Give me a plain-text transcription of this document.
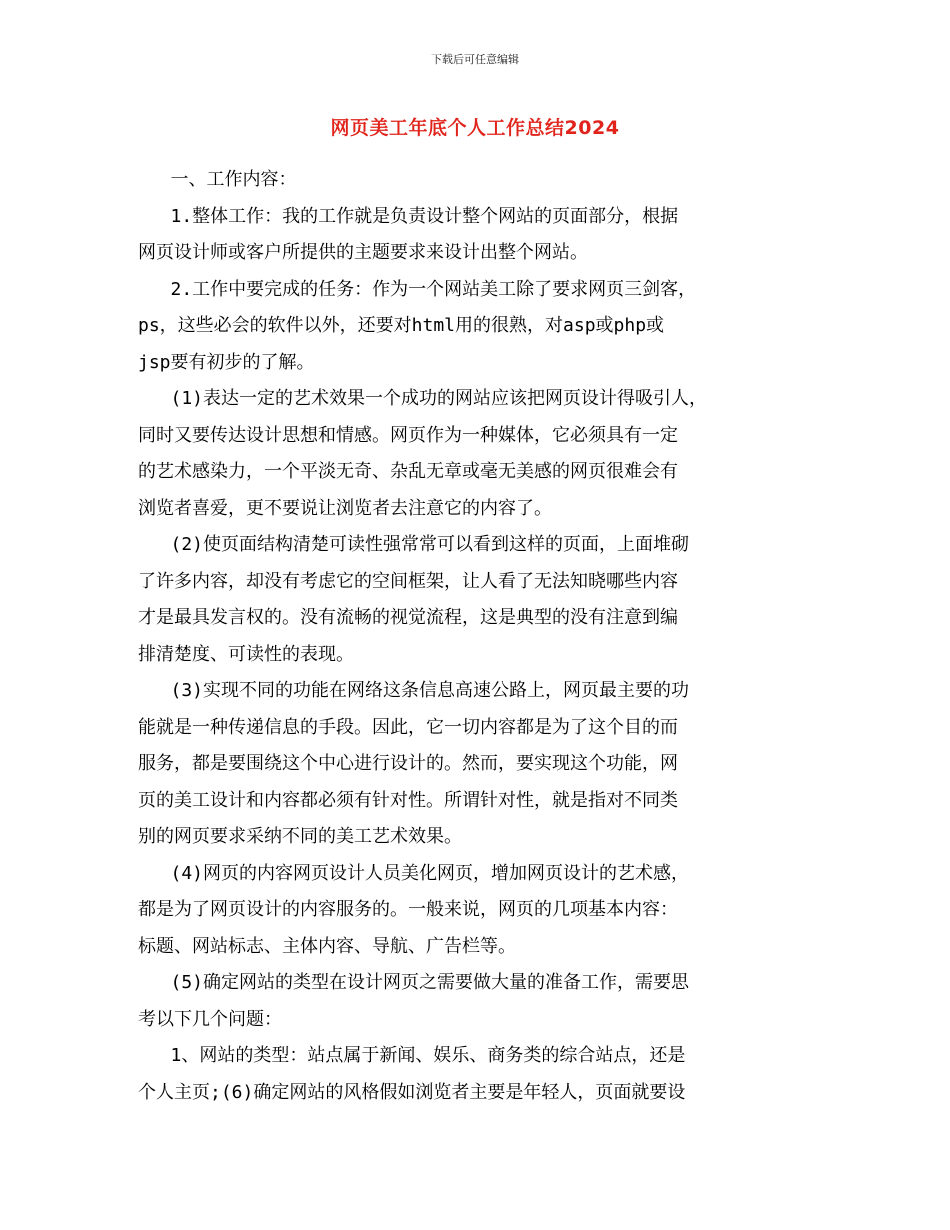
下载后可任意编辑
网页美工年底个人工作总结2024
一、工作内容：
1.整体工作：我的工作就是负责设计整个网站的页面部分，根据
网页设计师或客户所提供的主题要求来设计出整个网站。
2.工作中要完成的任务：作为一个网站美工除了要求网页三剑客，
ps，这些必会的软件以外，还要对html用的很熟，对asp或php或
jsp要有初步的了解。
(1)表达一定的艺术效果一个成功的网站应该把网页设计得吸引人，
同时又要传达设计思想和情感。网页作为一种媒体，它必须具有一定
的艺术感染力，一个平淡无奇、杂乱无章或毫无美感的网页很难会有
浏览者喜爱，更不要说让浏览者去注意它的内容了。
(2)使页面结构清楚可读性强常常可以看到这样的页面，上面堆砌
了许多内容，却没有考虑它的空间框架，让人看了无法知晓哪些内容
才是最具发言权的。没有流畅的视觉流程，这是典型的没有注意到编
排清楚度、可读性的表现。
(3)实现不同的功能在网络这条信息高速公路上，网页最主要的功
能就是一种传递信息的手段。因此，它一切内容都是为了这个目的而
服务，都是要围绕这个中心进行设计的。然而，要实现这个功能，网
页的美工设计和内容都必须有针对性。所谓针对性，就是指对不同类
别的网页要求采纳不同的美工艺术效果。
(4)网页的内容网页设计人员美化网页，增加网页设计的艺术感，
都是为了网页设计的内容服务的。一般来说，网页的几项基本内容：
标题、网站标志、主体内容、导航、广告栏等。
(5)确定网站的类型在设计网页之需要做大量的准备工作，需要思
考以下几个问题：
1、网站的类型：站点属于新闻、娱乐、商务类的综合站点，还是
个人主页;(6)确定网站的风格假如浏览者主要是年轻人，页面就要设
